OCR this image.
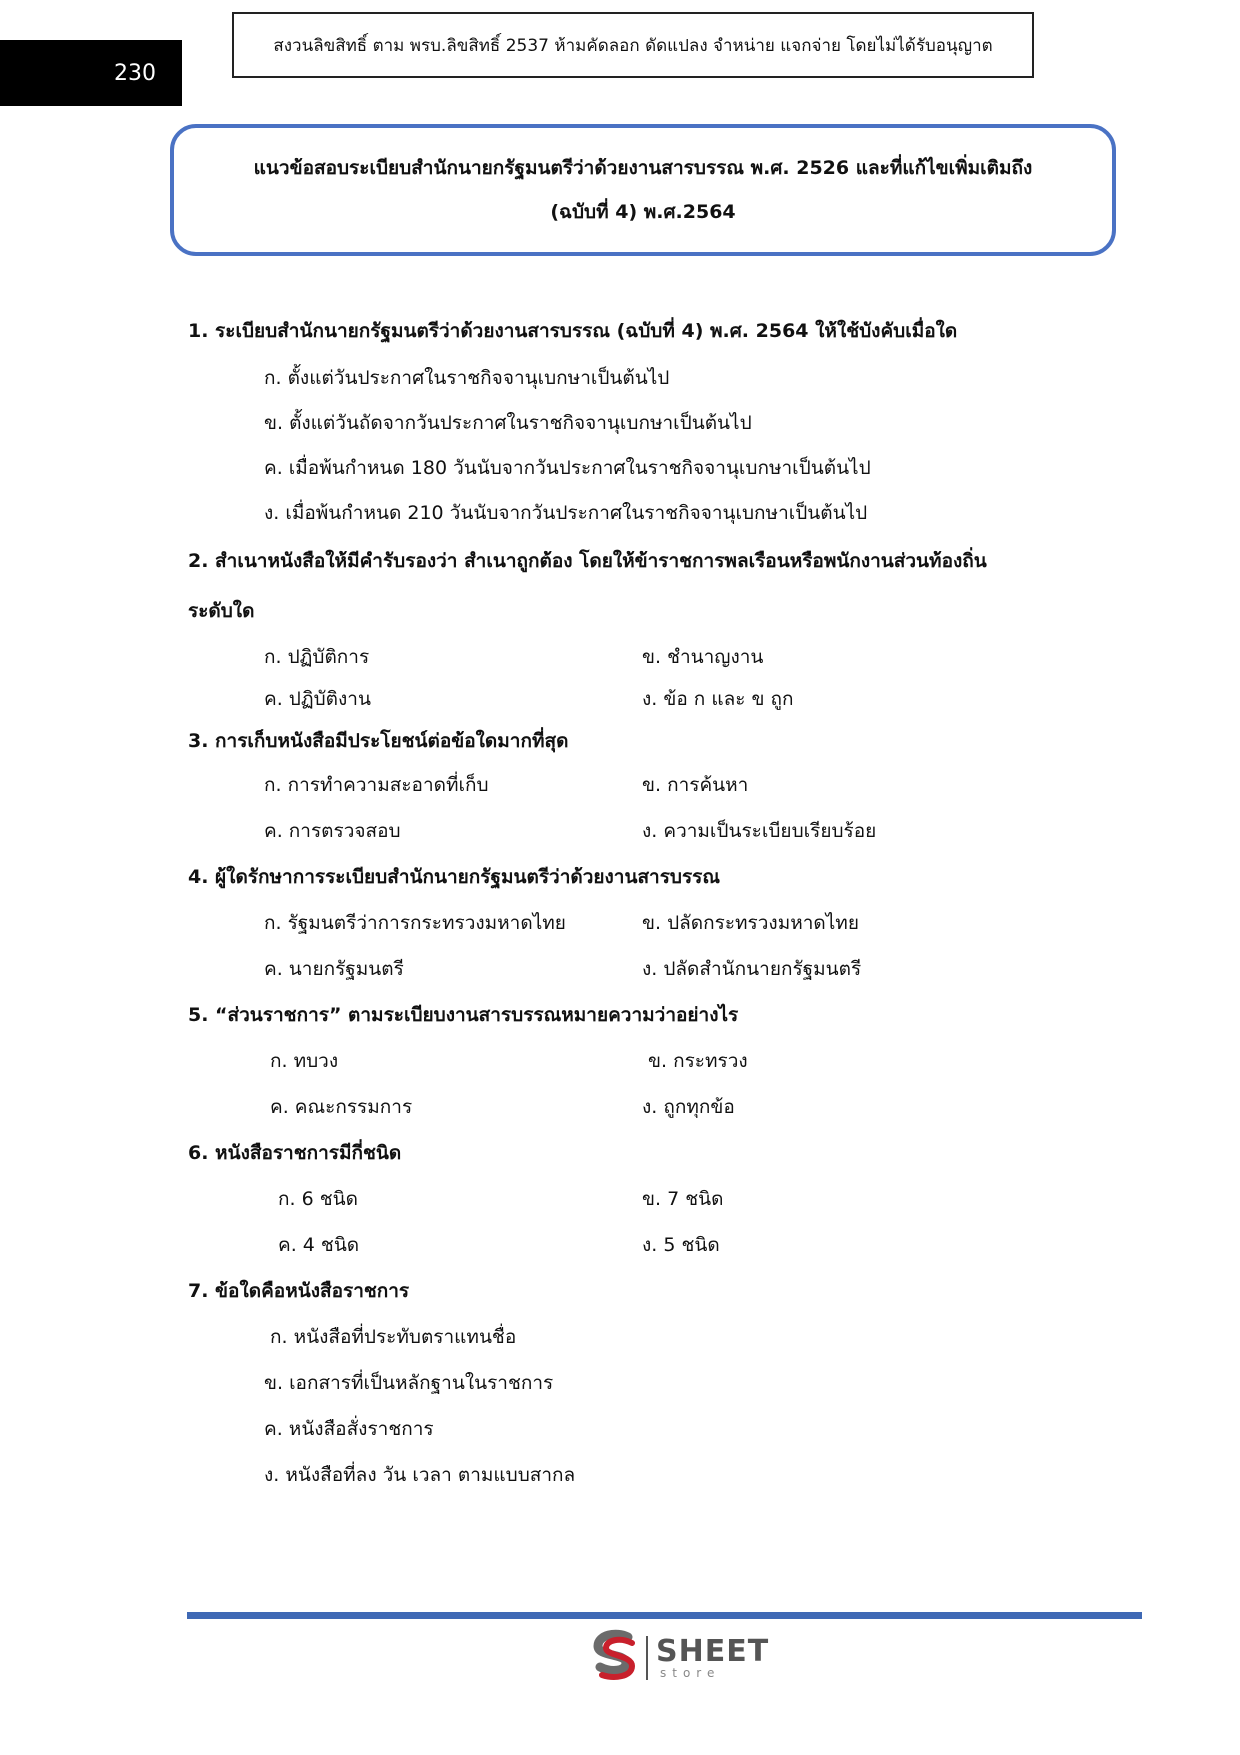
230
สงวนลิขสิทธิ์ ตาม พรบ.ลิขสิทธิ์ 2537 ห้ามคัดลอก ดัดแปลง จำหน่าย แจกจ่าย โดยไม่ได้รับอนุญาต
แนวข้อสอบระเบียบสำนักนายกรัฐมนตรีว่าด้วยงานสารบรรณ พ.ศ. 2526 และที่แก้ไขเพิ่มเติมถึง
(ฉบับที่ 4) พ.ศ.2564
1. ระเบียบสำนักนายกรัฐมนตรีว่าด้วยงานสารบรรณ (ฉบับที่ 4) พ.ศ. 2564 ให้ใช้บังคับเมื่อใด
ก. ตั้งแต่วันประกาศในราชกิจจานุเบกษาเป็นต้นไป
ข. ตั้งแต่วันถัดจากวันประกาศในราชกิจจานุเบกษาเป็นต้นไป
ค. เมื่อพ้นกำหนด 180 วันนับจากวันประกาศในราชกิจจานุเบกษาเป็นต้นไป
ง. เมื่อพ้นกำหนด 210 วันนับจากวันประกาศในราชกิจจานุเบกษาเป็นต้นไป
2. สำเนาหนังสือให้มีคำรับรองว่า สำเนาถูกต้อง โดยให้ข้าราชการพลเรือนหรือพนักงานส่วนท้องถิ่น
ระดับใด
ก. ปฏิบัติการ	ข. ชำนาญงาน
ค. ปฏิบัติงาน	ง. ข้อ ก และ ข ถูก
3. การเก็บหนังสือมีประโยชน์ต่อข้อใดมากที่สุด
ก. การทำความสะอาดที่เก็บ	ข. การค้นหา
ค. การตรวจสอบ	ง. ความเป็นระเบียบเรียบร้อย
4. ผู้ใดรักษาการระเบียบสำนักนายกรัฐมนตรีว่าด้วยงานสารบรรณ
ก. รัฐมนตรีว่าการกระทรวงมหาดไทย	ข. ปลัดกระทรวงมหาดไทย
ค. นายกรัฐมนตรี	ง. ปลัดสำนักนายกรัฐมนตรี
5. “ส่วนราชการ” ตามระเบียบงานสารบรรณหมายความว่าอย่างไร
ก. ทบวง	ข. กระทรวง
ค. คณะกรรมการ	ง. ถูกทุกข้อ
6. หนังสือราชการมีกี่ชนิด
ก. 6 ชนิด	ข. 7 ชนิด
ค. 4 ชนิด	ง. 5 ชนิด
7. ข้อใดคือหนังสือราชการ
ก. หนังสือที่ประทับตราแทนชื่อ
ข. เอกสารที่เป็นหลักฐานในราชการ
ค. หนังสือสั่งราชการ
ง. หนังสือที่ลง วัน เวลา ตามแบบสากล
SHEET
store
